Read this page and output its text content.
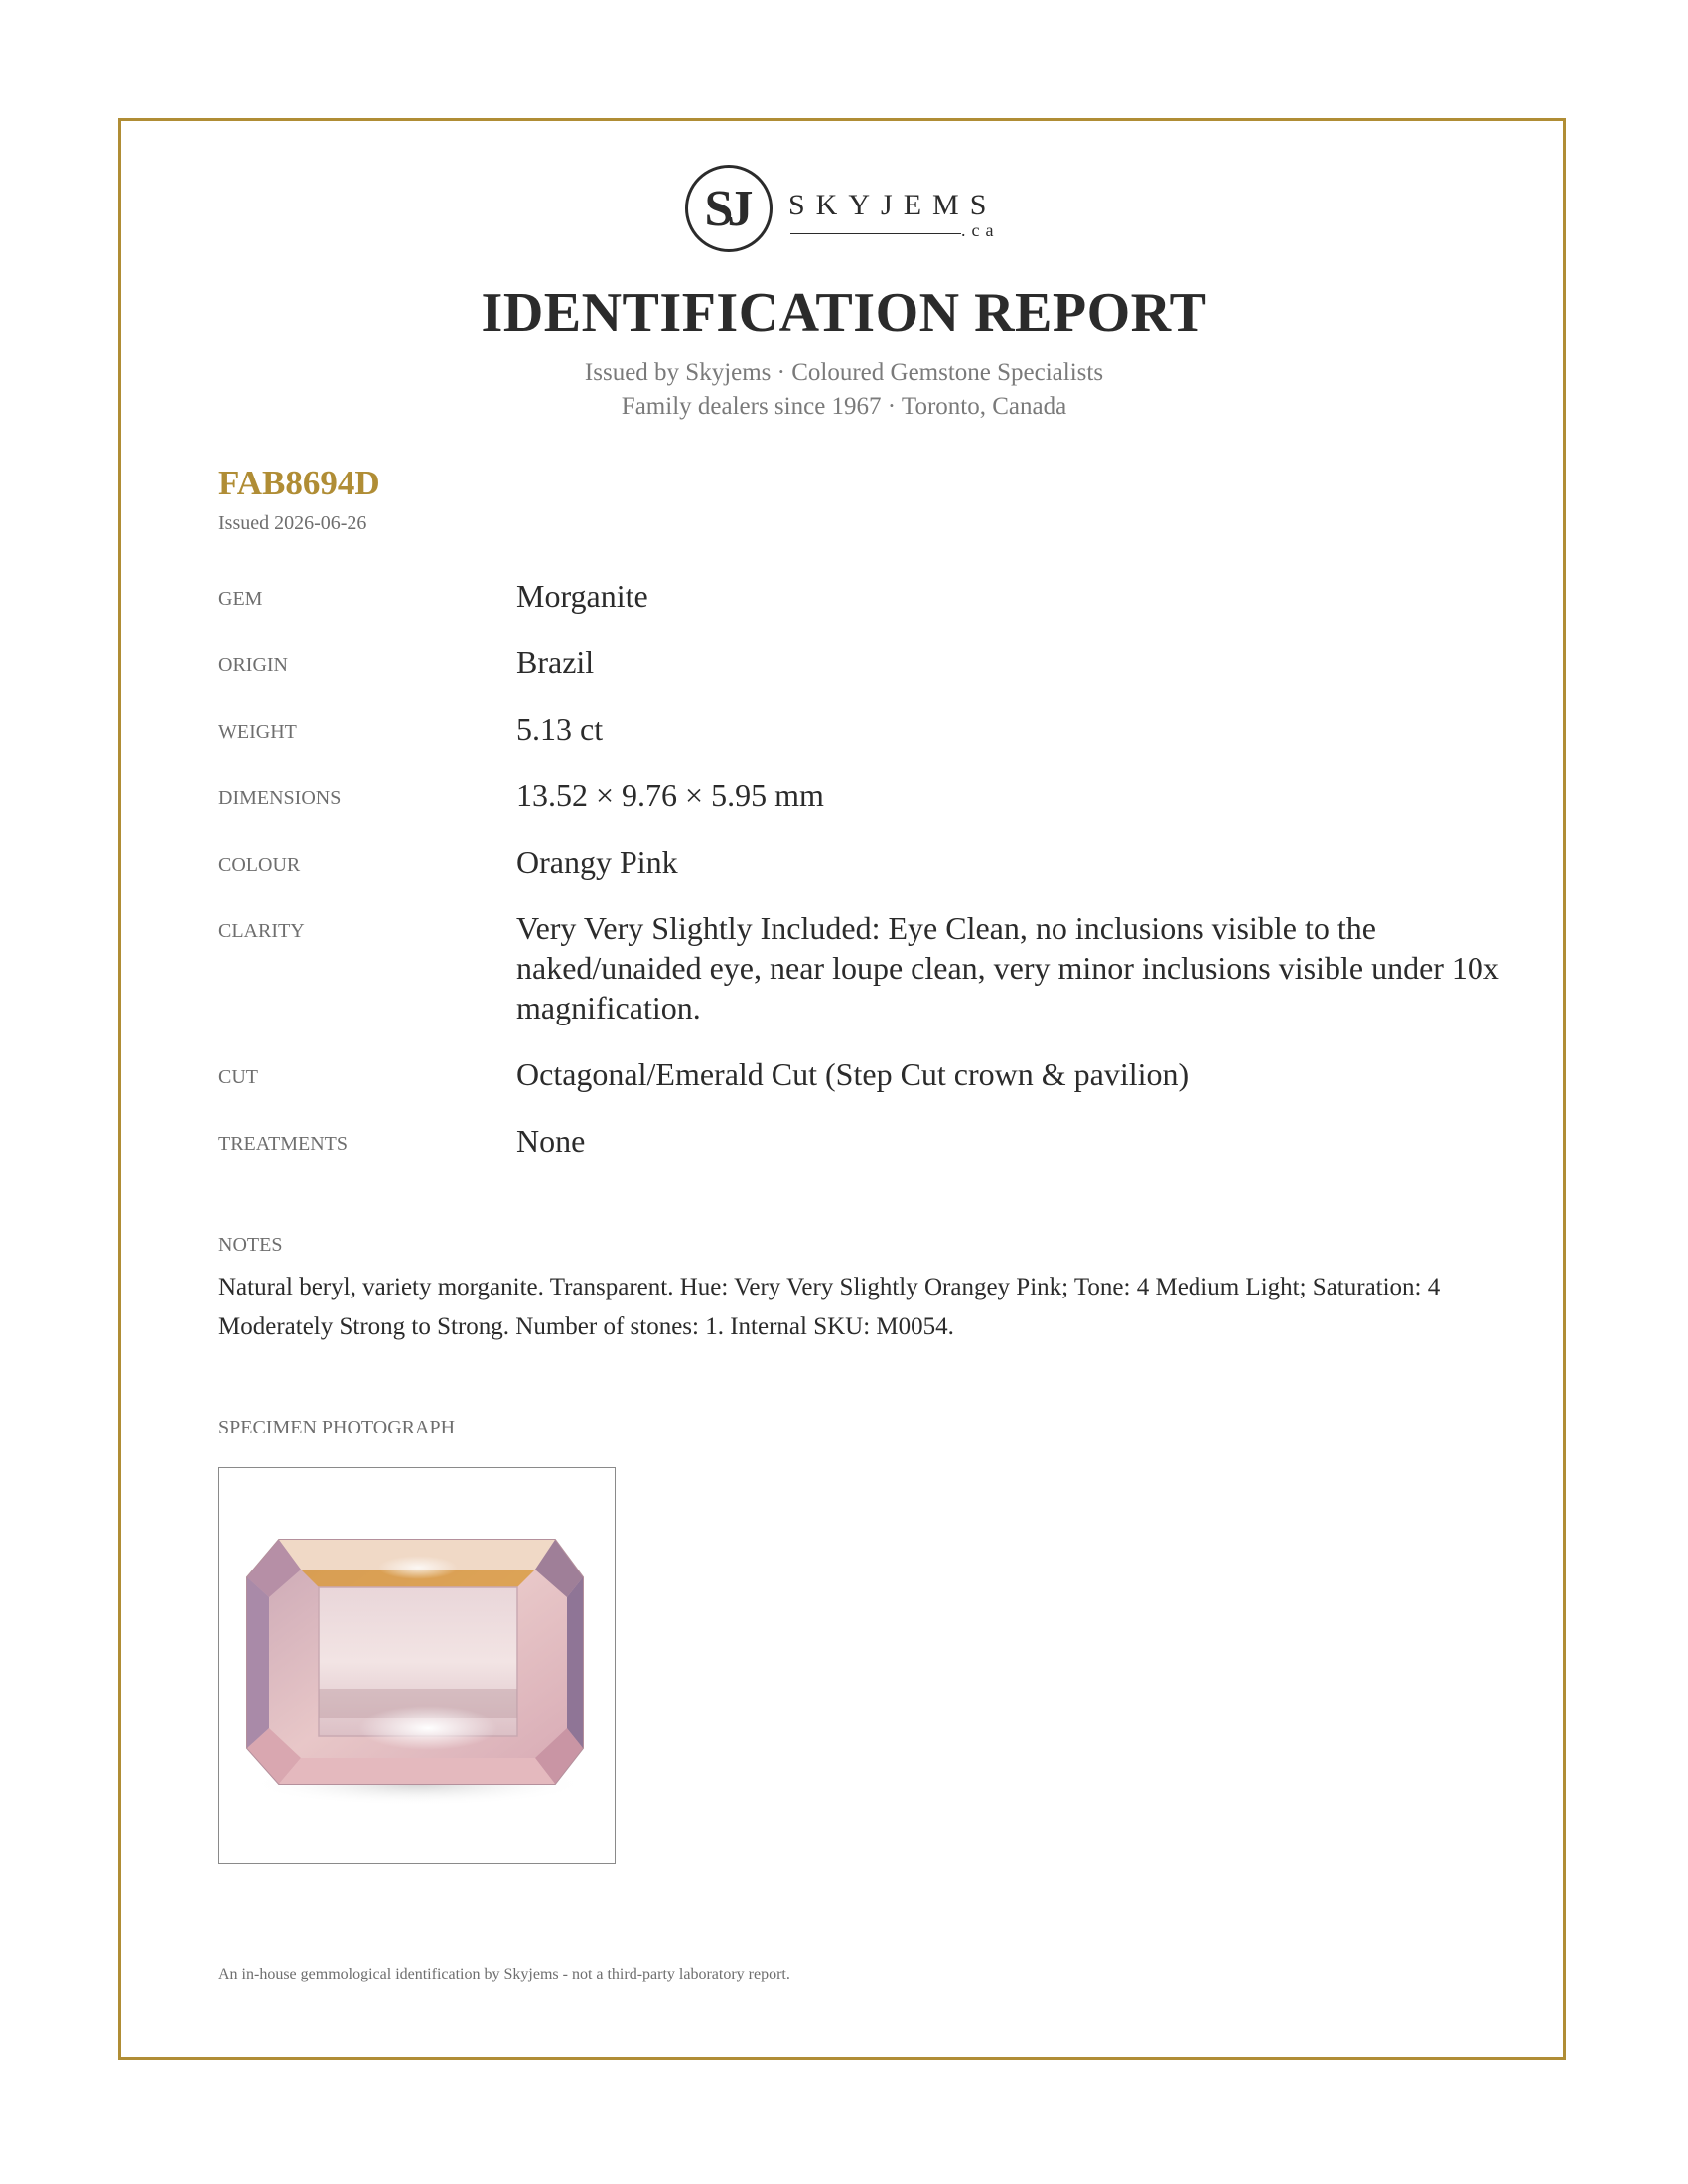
SJ	SKYJEMS
.ca
IDENTIFICATION REPORT
Issued by Skyjems · Coloured Gemstone Specialists
Family dealers since 1967 · Toronto, Canada
FAB8694D
Issued 2026-06-26
GEM	Morganite
ORIGIN	Brazil
WEIGHT	5.13 ct
DIMENSIONS	13.52 × 9.76 × 5.95 mm
COLOUR	Orangy Pink
CLARITY	Very Very Slightly Included: Eye Clean, no inclusions visible to the naked/unaided eye, near loupe clean, very minor inclusions visible under 10x magnification.
CUT	Octagonal/Emerald Cut (Step Cut crown & pavilion)
TREATMENTS	None
NOTES
Natural beryl, variety morganite. Transparent. Hue: Very Very Slightly Orangey Pink; Tone: 4 Medium Light; Saturation: 4 Moderately Strong to Strong. Number of stones: 1. Internal SKU: M0054.
SPECIMEN PHOTOGRAPH
An in-house gemmological identification by Skyjems - not a third-party laboratory report.
